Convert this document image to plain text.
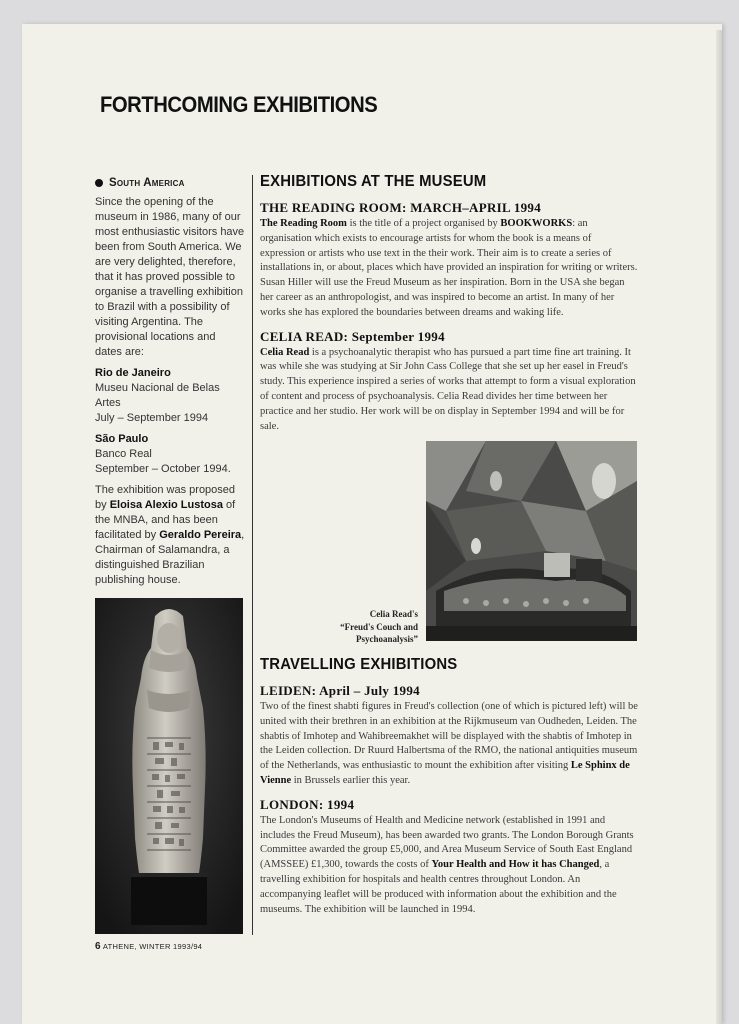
FORTHCOMING EXHIBITIONS
South America

Since the opening of the museum in 1986, many of our most enthusiastic visitors have been from South America. We are very delighted, therefore, that it has proved possible to organise a travelling exhibition to Brazil with a possibility of visiting Argentina. The provisional locations and dates are:

Rio de Janeiro
Museu Nacional de Belas Artes
July – September 1994

São Paulo
Banco Real
September – October 1994.

The exhibition was proposed by Eloisa Alexio Lustosa of the MNBA, and has been facilitated by Geraldo Pereira, Chairman of Salamandra, a distinguished Brazilian publishing house.

6 ATHENE, WINTER 1993/94
EXHIBITIONS AT THE MUSEUM
THE READING ROOM: MARCH–APRIL 1994

The Reading Room is the title of a project organised by BOOKWORKS: an organisation which exists to encourage artists for whom the book is a means of expression or artists who use text in the their work. Their aim is to create a series of installations in, or about, places which have provided an inspiration for writing or writers. Susan Hiller will use the Freud Museum as her inspiration. Born in the USA she began her career as an anthropologist, and was inspired to become an artist. In many of her works she has explored the boundaries between dreams and waking life.

CELIA READ: September 1994

Celia Read is a psychoanalytic therapist who has pursued a part time fine art training. It was while she was studying at Sir John Cass College that she set up her easel in Freud's study. This experience inspired a series of works that attempt to form a visual exploration of content and process of psychoanalysis. Celia Read divides her time between her practice and her studio. Her work will be on display in September 1994 and will be for sale.

Celia Read's
“Freud's Couch and
Psychoanalysis”
TRAVELLING EXHIBITIONS
LEIDEN: April – July 1994

Two of the finest shabti figures in Freud's collection (one of which is pictured left) will be united with their brethren in an exhibition at the Rijkmuseum van Oudheden, Leiden. The shabtis of Imhotep and Wahibreemakhet will be displayed with the shabtis of Imhotep in the Leiden collection. Dr Ruurd Halbertsma of the RMO, the national antiquities museum of the Netherlands, was enthusiastic to mount the exhibition after visiting Le Sphinx de Vienne in Brussels earlier this year.

LONDON: 1994

The London's Museums of Health and Medicine network (established in 1991 and includes the Freud Museum), has been awarded two grants. The London Borough Grants Committee awarded the group £5,000, and Area Museum Service of South East England (AMSSEE) £1,300, towards the costs of Your Health and How it has Changed, a travelling exhibition for hospitals and health centres throughout London. An accompanying leaflet will be produced with information about the exhibition and the museums. The exhibition will be launched in 1994.
